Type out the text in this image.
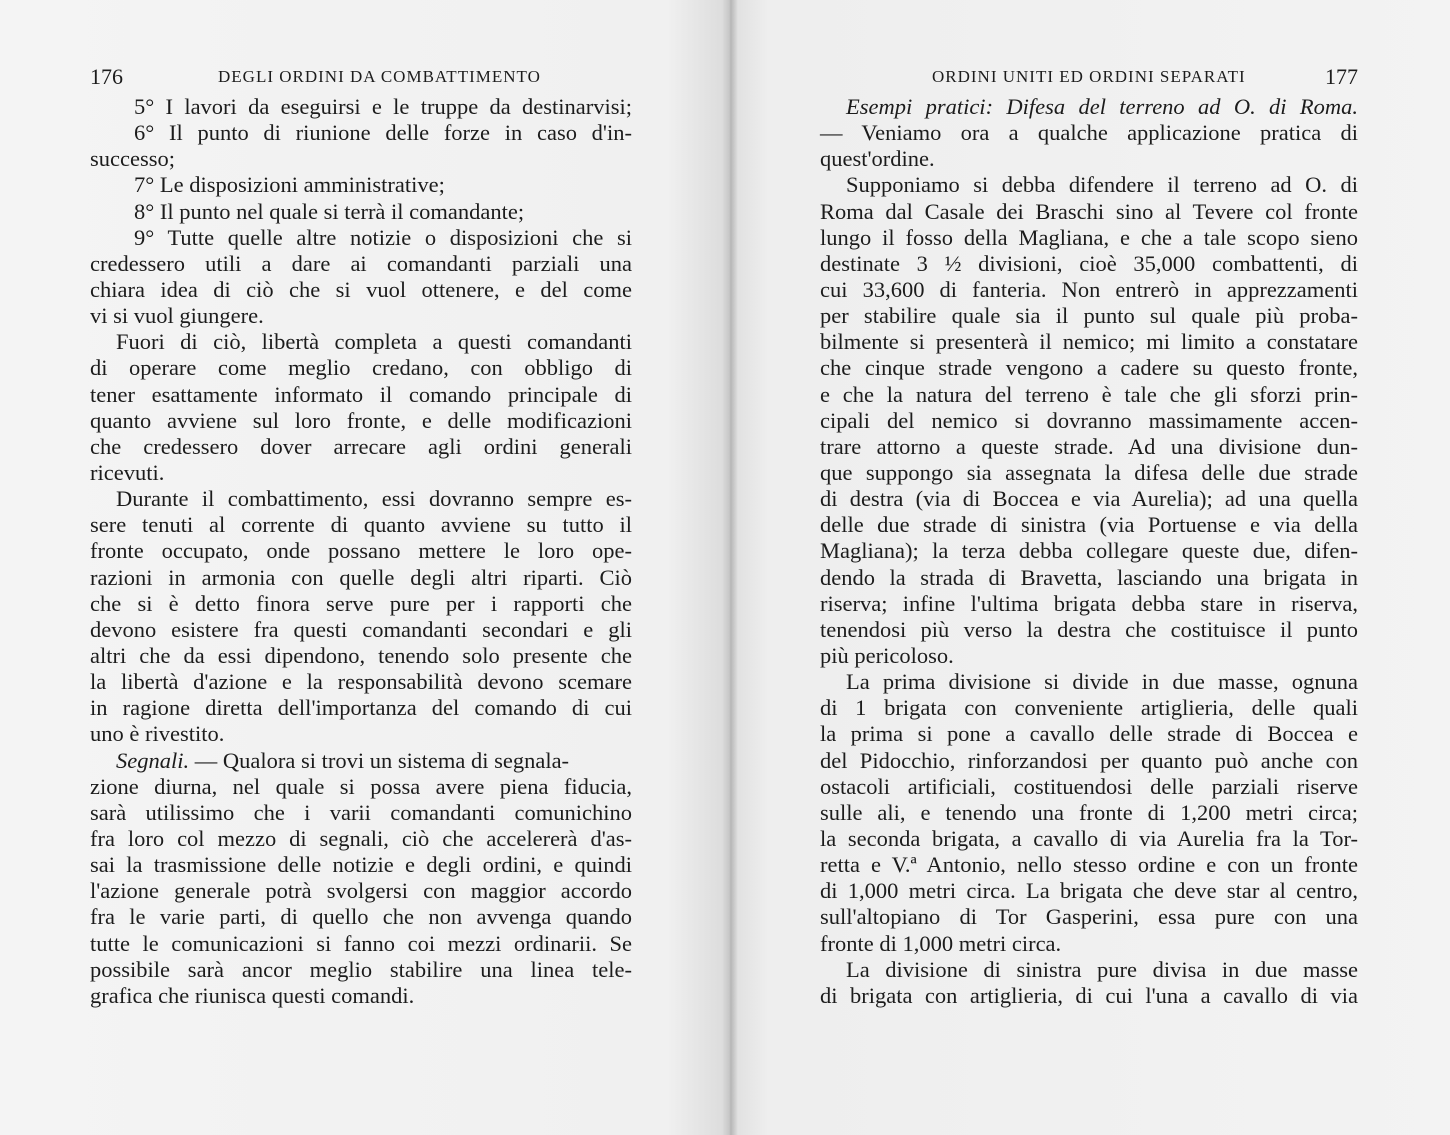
176	DEGLI ORDINI DA COMBATTIMENTO
5° I lavori da eseguirsi e le truppe da destinarvisi;
6° Il punto di riunione delle forze in caso d'in-
successo;
7° Le disposizioni amministrative;
8° Il punto nel quale si terrà il comandante;
9° Tutte quelle altre notizie o disposizioni che si
credessero utili a dare ai comandanti parziali una
chiara idea di ciò che si vuol ottenere, e del come
vi si vuol giungere.
Fuori di ciò, libertà completa a questi comandanti
di operare come meglio credano, con obbligo di
tener esattamente informato il comando principale di
quanto avviene sul loro fronte, e delle modificazioni
che credessero dover arrecare agli ordini generali
ricevuti.
Durante il combattimento, essi dovranno sempre es-
sere tenuti al corrente di quanto avviene su tutto il
fronte occupato, onde possano mettere le loro ope-
razioni in armonia con quelle degli altri riparti. Ciò
che si è detto finora serve pure per i rapporti che
devono esistere fra questi comandanti secondari e gli
altri che da essi dipendono, tenendo solo presente che
la libertà d'azione e la responsabilità devono scemare
in ragione diretta dell'importanza del comando di cui
uno è rivestito.
Segnali. — Qualora si trovi un sistema di segnala-
zione diurna, nel quale si possa avere piena fiducia,
sarà utilissimo che i varii comandanti comunichino
fra loro col mezzo di segnali, ciò che accelererà d'as-
sai la trasmissione delle notizie e degli ordini, e quindi
l'azione generale potrà svolgersi con maggior accordo
fra le varie parti, di quello che non avvenga quando
tutte le comunicazioni si fanno coi mezzi ordinarii. Se
possibile sarà ancor meglio stabilire una linea tele-
grafica che riunisca questi comandi.
ORDINI UNITI ED ORDINI SEPARATI	177
Esempi pratici: Difesa del terreno ad O. di Roma.
— Veniamo ora a qualche applicazione pratica di
quest'ordine.
Supponiamo si debba difendere il terreno ad O. di
Roma dal Casale dei Braschi sino al Tevere col fronte
lungo il fosso della Magliana, e che a tale scopo sieno
destinate 3 ½ divisioni, cioè 35,000 combattenti, di
cui 33,600 di fanteria. Non entrerò in apprezzamenti
per stabilire quale sia il punto sul quale più proba-
bilmente si presenterà il nemico; mi limito a constatare
che cinque strade vengono a cadere su questo fronte,
e che la natura del terreno è tale che gli sforzi prin-
cipali del nemico si dovranno massimamente accen-
trare attorno a queste strade. Ad una divisione dun-
que suppongo sia assegnata la difesa delle due strade
di destra (via di Boccea e via Aurelia); ad una quella
delle due strade di sinistra (via Portuense e via della
Magliana); la terza debba collegare queste due, difen-
dendo la strada di Bravetta, lasciando una brigata in
riserva; infine l'ultima brigata debba stare in riserva,
tenendosi più verso la destra che costituisce il punto
più pericoloso.
La prima divisione si divide in due masse, ognuna
di 1 brigata con conveniente artiglieria, delle quali
la prima si pone a cavallo delle strade di Boccea e
del Pidocchio, rinforzandosi per quanto può anche con
ostacoli artificiali, costituendosi delle parziali riserve
sulle ali, e tenendo una fronte di 1,200 metri circa;
la seconda brigata, a cavallo di via Aurelia fra la Tor-
retta e V.ª Antonio, nello stesso ordine e con un fronte
di 1,000 metri circa. La brigata che deve star al centro,
sull'altopiano di Tor Gasperini, essa pure con una
fronte di 1,000 metri circa.
La divisione di sinistra pure divisa in due masse
di brigata con artiglieria, di cui l'una a cavallo di via
